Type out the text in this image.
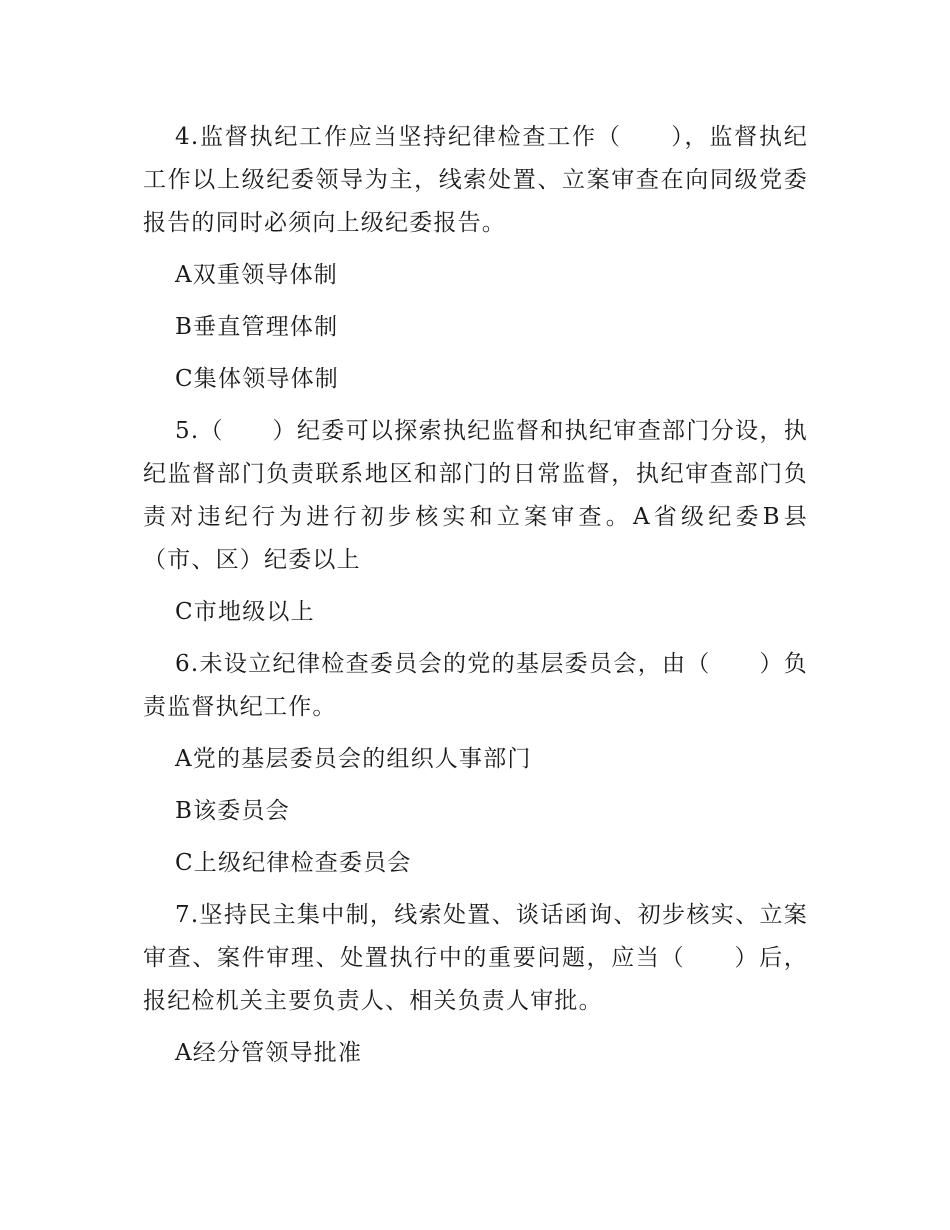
4.监督执纪工作应当坚持纪律检查工作（　　），监督执纪工作以上级纪委领导为主，线索处置、立案审查在向同级党委报告的同时必须向上级纪委报告。

A双重领导体制

B垂直管理体制

C集体领导体制

5.（　　）纪委可以探索执纪监督和执纪审查部门分设，执纪监督部门负责联系地区和部门的日常监督，执纪审查部门负责对违纪行为进行初步核实和立案审查。A省级纪委B县（市、区）纪委以上

C市地级以上

6.未设立纪律检查委员会的党的基层委员会，由（　　）负责监督执纪工作。

A党的基层委员会的组织人事部门

B该委员会

C上级纪律检查委员会

7.坚持民主集中制，线索处置、谈话函询、初步核实、立案审查、案件审理、处置执行中的重要问题，应当（　　）后，报纪检机关主要负责人、相关负责人审批。

A经分管领导批准
